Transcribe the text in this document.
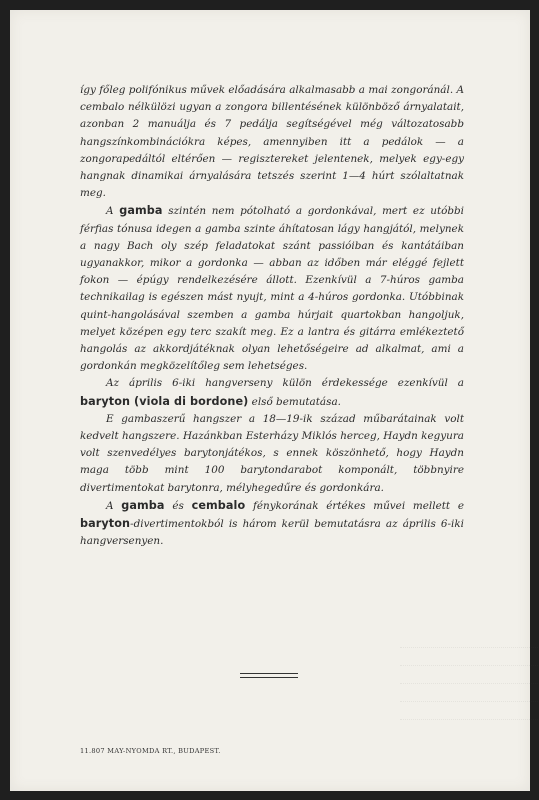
így főleg polifónikus művek előadására alkalmasabb a mai zongoránál. A cembalo nélkülözi ugyan a zongora billentésének különböző árnyalatait, azonban 2 manuálja és 7 pedálja segítségével még változatosabb hangszínkombinációkra képes, amennyiben itt a pedálok — a zongorapedáltól eltérően — regisztereket jelentenek, melyek egy-egy hangnak dinamikai árnyalására tetszés szerint 1—4 húrt szólaltatnak meg.

A gamba szintén nem pótolható a gordonkával, mert ez utóbbi férfias tónusa idegen a gamba szinte áhítatosan lágy hangjától, melynek a nagy Bach oly szép feladatokat szánt passióiban és kantátáiban ugyanakkor, mikor a gordonka — abban az időben már eléggé fejlett fokon — épúgy rendelkezésére állott. Ezenkívül a 7-húros gamba technikailag is egészen mást nyujt, mint a 4-húros gordonka. Utóbbinak quint-hangolásával szemben a gamba húrjait quartokban hangoljuk, melyet középen egy terc szakít meg. Ez a lantra és gitárra emlékeztető hangolás az akkordjátéknak olyan lehetőségeire ad alkalmat, ami a gordonkán megközelítőleg sem lehetséges.

Az április 6-iki hangverseny külön érdekessége ezenkívül a baryton (viola di bordone) első bemutatása.

E gambaszerű hangszer a 18—19-ik század műbarátainak volt kedvelt hangszere. Hazánkban Esterházy Miklós herceg, Haydn kegyura volt szenvedélyes barytonjátékos, s ennek köszönhető, hogy Haydn maga több mint 100 barytondarabot komponált, többnyire divertimentokat barytonra, mélyhegedűre és gordonkára.

A gamba és cembalo fénykorának értékes művei mellett e baryton-divertimentokból is három kerül bemutatásra az április 6-iki hangversenyen.

11.807 MAY-NYOMDA RT., BUDAPEST.
